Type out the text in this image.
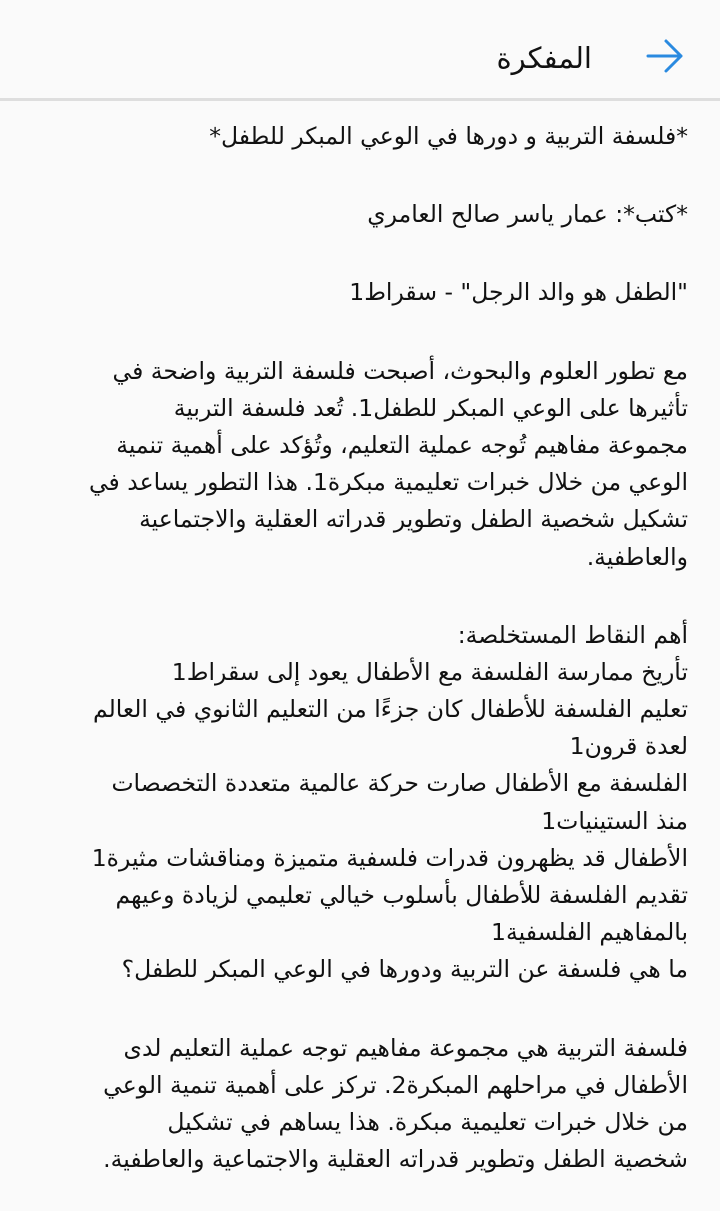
المفكرة
*فلسفة التربية و دورها في الوعي المبكر للطفل*
*كتب*: عمار ياسر صالح العامري
"الطفل هو والد الرجل" - سقراط1
مع تطور العلوم والبحوث، أصبحت فلسفة التربية واضحة في
تأثيرها على الوعي المبكر للطفل1. تُعد فلسفة التربية
مجموعة مفاهيم تُوجه عملية التعليم، وتُؤكد على أهمية تنمية
الوعي من خلال خبرات تعليمية مبكرة1. هذا التطور يساعد في
تشكيل شخصية الطفل وتطوير قدراته العقلية والاجتماعية
والعاطفية.
أهم النقاط المستخلصة:
تأريخ ممارسة الفلسفة مع الأطفال يعود إلى سقراط1
تعليم الفلسفة للأطفال كان جزءًا من التعليم الثانوي في العالم
لعدة قرون1
الفلسفة مع الأطفال صارت حركة عالمية متعددة التخصصات
منذ الستينيات1
الأطفال قد يظهرون قدرات فلسفية متميزة ومناقشات مثيرة1
تقديم الفلسفة للأطفال بأسلوب خيالي تعليمي لزيادة وعيهم
بالمفاهيم الفلسفية1
ما هي فلسفة عن التربية ودورها في الوعي المبكر للطفل؟
فلسفة التربية هي مجموعة مفاهيم توجه عملية التعليم لدى
الأطفال في مراحلهم المبكرة2. تركز على أهمية تنمية الوعي
من خلال خبرات تعليمية مبكرة. هذا يساهم في تشكيل
شخصية الطفل وتطوير قدراته العقلية والاجتماعية والعاطفية.
